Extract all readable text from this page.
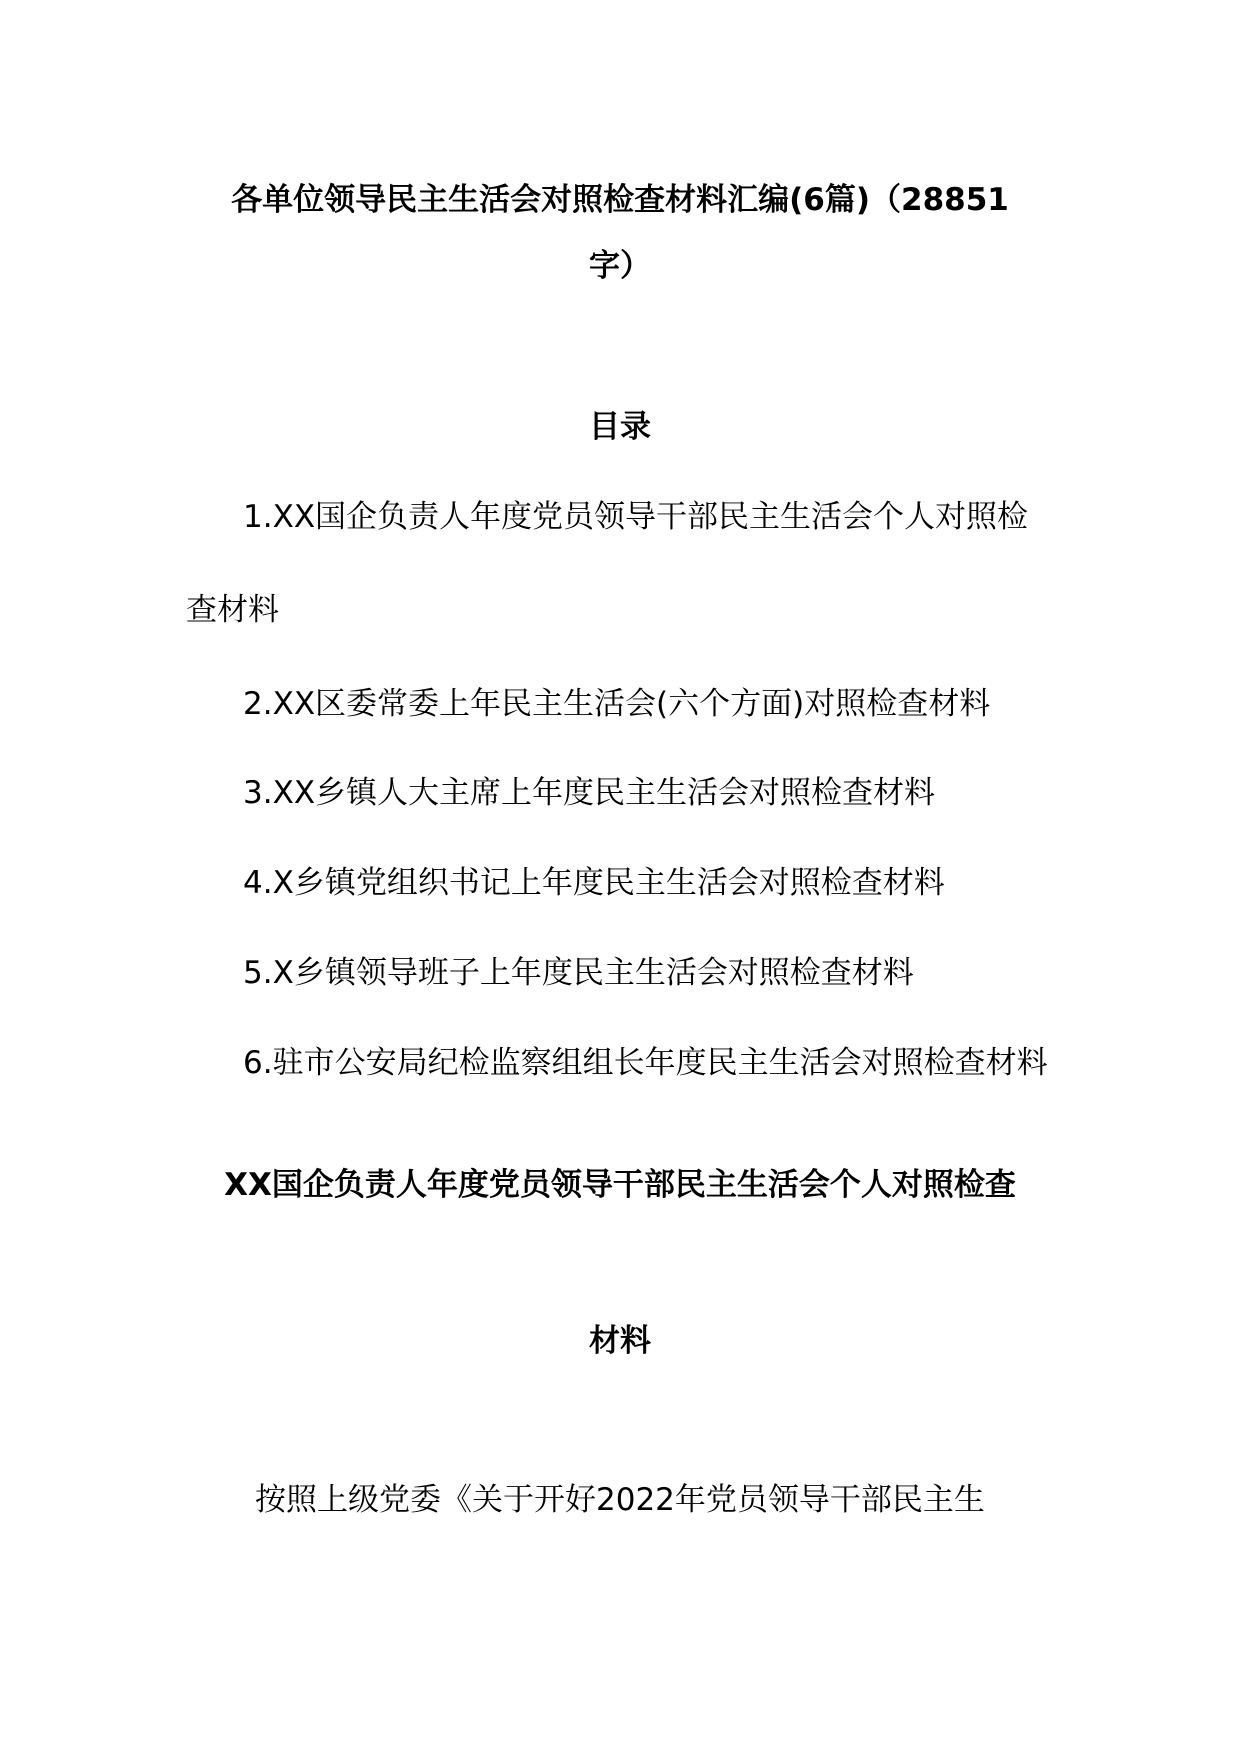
各单位领导民主生活会对照检查材料汇编(6篇)（28851

字）

目录

1.XX国企负责人年度党员领导干部民主生活会个人对照检

查材料

2.XX区委常委上年民主生活会(六个方面)对照检查材料

3.XX乡镇人大主席上年度民主生活会对照检查材料

4.X乡镇党组织书记上年度民主生活会对照检查材料

5.X乡镇领导班子上年度民主生活会对照检查材料

6.驻市公安局纪检监察组组长年度民主生活会对照检查材料

XX国企负责人年度党员领导干部民主生活会个人对照检查

材料

按照上级党委《关于开好2022年党员领导干部民主生
